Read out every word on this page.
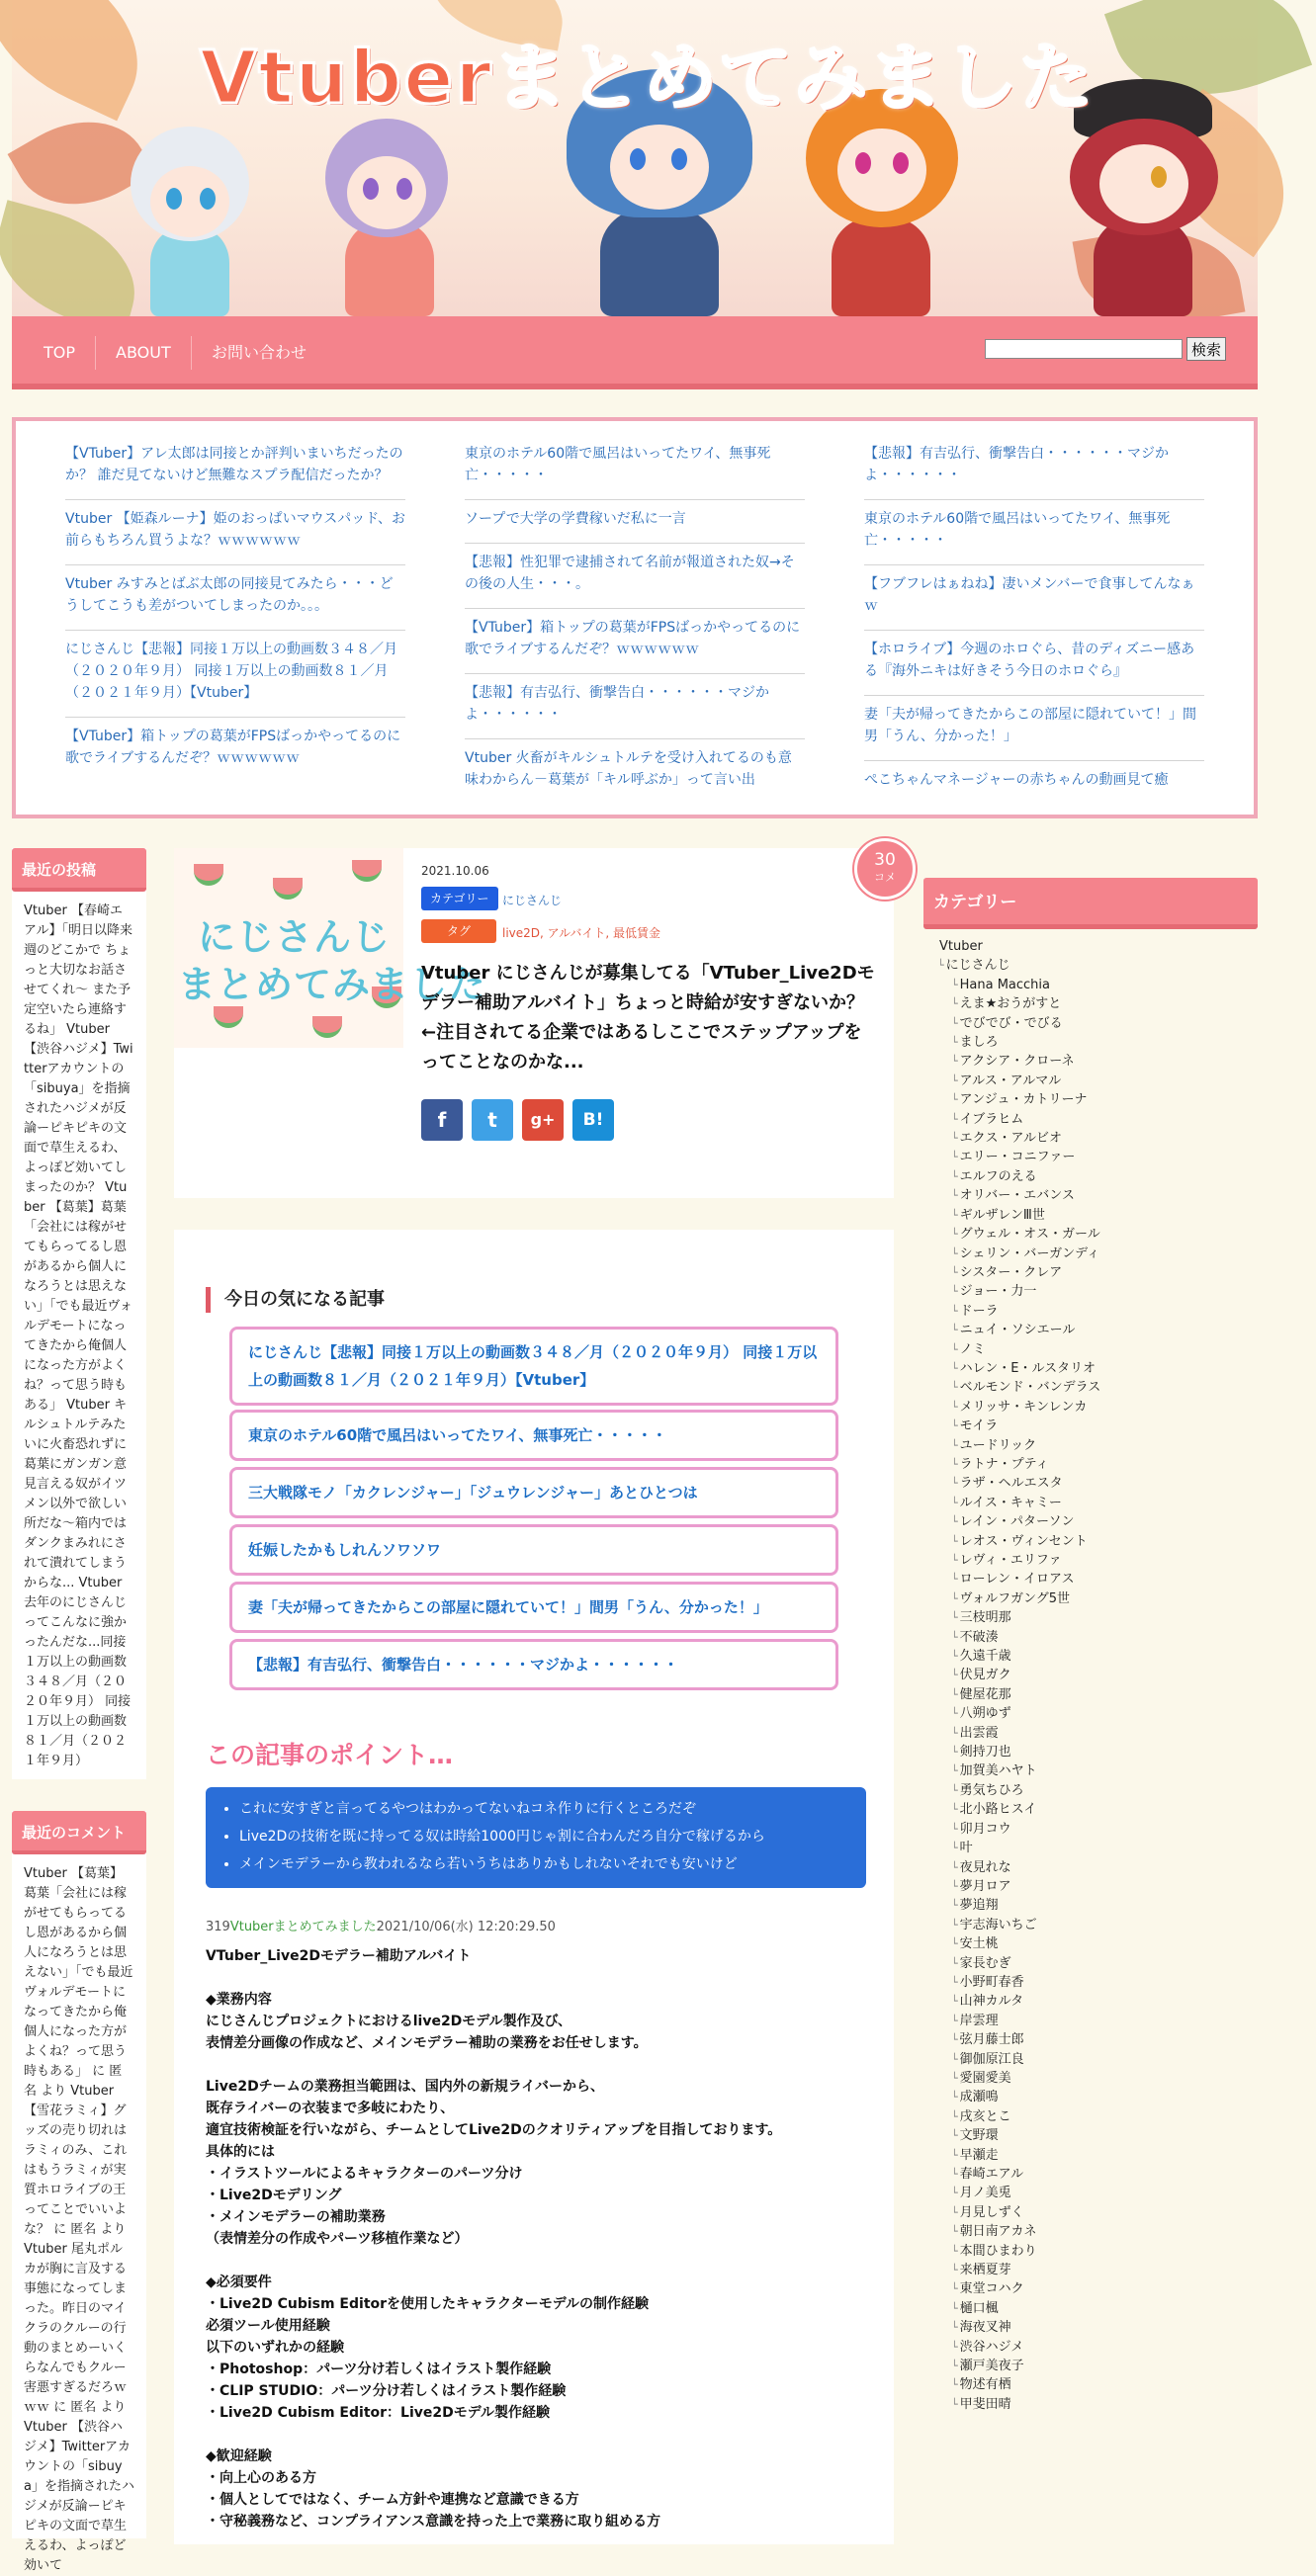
Vtuberまとめてみました
TOP	ABOUT	お問い合わせ	検索
【VTuber】アレ太郎は同接とか評判いまいちだったのか？ 誰だ見てないけど無難なスプラ配信だったか？
Vtuber 【姫森ルーナ】姫のおっぱいマウスパッド、お前らもちろん買うよな？ｗｗｗｗｗｗ
Vtuber みすみとばぶ太郎の同接見てみたら・・・どうしてこうも差がついてしまったのか。。。
にじさんじ【悲報】同接１万以上の動画数３４８／月（２０２０年９月） 同接１万以上の動画数８１／月（２０２１年９月）【Vtuber】
【VTuber】箱トップの葛葉がFPSばっかやってるのに歌でライブするんだぞ？ｗｗｗｗｗｗ
東京のホテル60階で風呂はいってたワイ、無事死亡・・・・・
ソープで大学の学費稼いだ私に一言
【悲報】性犯罪で逮捕されて名前が報道された奴→その後の人生・・・。
【VTuber】箱トップの葛葉がFPSばっかやってるのに歌でライブするんだぞ？ｗｗｗｗｗｗ
【悲報】有吉弘行、衝撃告白・・・・・・マジかよ・・・・・・
Vtuber 火畜がキルシュトルテを受け入れてるのも意味わからん－葛葉が「キル呼ぶか」って言い出
【悲報】有吉弘行、衝撃告白・・・・・・マジかよ・・・・・・
東京のホテル60階で風呂はいってたワイ、無事死亡・・・・・
【フブフレはぁねね】凄いメンバーで食事してんなぁｗ
【ホロライブ】今週のホロぐら、昔のディズニー感ある『海外ニキは好きそう今日のホロぐら』
妻「夫が帰ってきたからこの部屋に隠れていて！」間男「うん、分かった！」
ぺこちゃんマネージャーの赤ちゃんの動画見て癒
最近の投稿
Vtuber 【春崎エアル】「明日以降来週のどこかで ちょっと大切なお話させてくれ～ また予定空いたら連絡するね」 Vtuber 【渋谷ハジメ】Twitterアカウントの「sibuya」を指摘されたハジメが反論ーピキピキの文面で草生えるわ、よっぽど効いてしまったのか？ Vtuber 【葛葉】葛葉「会社には稼がせてもらってるし恩があるから個人になろうとは思えない」「でも最近ヴォルデモートになってきたから俺個人になった方がよくね？って思う時もある」 Vtuber キルシュトルテみたいに火畜恐れずに葛葉にガンガン意見言える奴がイツメン以外で欲しい所だな～箱内ではダンクまみれにされて潰れてしまうからな... Vtuber 去年のにじさんじってこんなに強かったんだな...同接１万以上の動画数３４８／月（２０２０年９月） 同接１万以上の動画数８１／月（２０２１年９月）
最近のコメント
Vtuber 【葛葉】葛葉「会社には稼がせてもらってるし恩があるから個人になろうとは思えない」「でも最近ヴォルデモートになってきたから俺個人になった方がよくね？って思う時もある」 に 匿名 より Vtuber 【雪花ラミィ】グッズの売り切れはラミィのみ、これはもうラミィが実質ホロライブの王ってことでいいよな？ に 匿名 より Vtuber 尾丸ポルカが胸に言及する事態になってしまった。昨日のマイクラのクルーの行動のまとめーいくらなんでもクルー害悪すぎるだろｗｗｗ に 匿名 より Vtuber 【渋谷ハジメ】Twitterアカウントの「sibuya」を指摘されたハジメが反論ーピキピキの文面で草生えるわ、よっぽど効いて
にじさんじ
まとめてみました
2021.10.06
カテゴリー	にじさんじ
タグ	live2D, アルバイト, 最低賃金
30
コメ
Vtuber にじさんじが募集してる「VTuber_Live2Dモデラー補助アルバイト」ちょっと時給が安すぎないか？←注目されてる企業ではあるしここでステップアップをってことなのかな...
f	t	g+	B!
今日の気になる記事
にじさんじ【悲報】同接１万以上の動画数３４８／月（２０２０年９月） 同接１万以上の動画数８１／月（２０２１年９月）【Vtuber】
東京のホテル60階で風呂はいってたワイ、無事死亡・・・・・
三大戦隊モノ「カクレンジャー」「ジュウレンジャー」あとひとつは
妊娠したかもしれんソワソワ
妻「夫が帰ってきたからこの部屋に隠れていて！」間男「うん、分かった！」
【悲報】有吉弘行、衝撃告白・・・・・・マジかよ・・・・・・
この記事のポイント…
• これに安すぎと言ってるやつはわかってないねコネ作りに行くところだぞ
• Live2Dの技術を既に持ってる奴は時給1000円じゃ割に合わんだろ自分で稼げるから
• メインモデラーから教われるなら若いうちはありかもしれないそれでも安いけど
319Vtuberまとめてみました2021/10/06(水) 12:20:29.50

VTuber_Live2Dモデラー補助アルバイト

◆業務内容

にじさんじプロジェクトにおけるlive2Dモデル製作及び、

表情差分画像の作成など、メインモデラー補助の業務をお任せします。

Live2Dチームの業務担当範囲は、国内外の新規ライバーから、

既存ライバーの衣装まで多岐にわたり、

適宜技術検証を行いながら、チームとしてLive2Dのクオリティアップを目指しております。

具体的には

・イラストツールによるキャラクターのパーツ分け

・Live2Dモデリング

・メインモデラーの補助業務

（表情差分の作成やパーツ移植作業など）

◆必須要件

・Live2D Cubism Editorを使用したキャラクターモデルの制作経験

必須ツール使用経験

以下のいずれかの経験

・Photoshop：パーツ分け若しくはイラスト製作経験

・CLIP STUDIO：パーツ分け若しくはイラスト製作経験

・Live2D Cubism Editor：Live2Dモデル製作経験

◆歓迎経験

・向上心のある方

・個人としてではなく、チーム方針や連携など意識できる方

・守秘義務など、コンプライアンス意識を持った上で業務に取り組める方

カテゴリー
Vtuber
└ にじさんじ
└ Hana Macchia
└ えま★おうがすと
└ でびでび・でびる
└ ましろ
└ アクシア・クローネ
└ アルス・アルマル
└ アンジュ・カトリーナ
└ イブラヒム
└ エクス・アルビオ
└ エリー・コニファー
└ エルフのえる
└ オリバー・エバンス
└ ギルザレンⅢ世
└ グウェル・オス・ガール
└ シェリン・バーガンディ
└ シスター・クレア
└ ジョー・力一
└ ドーラ
└ ニュイ・ソシエール
└ ノミ
└ ハレン・E・ルスタリオ
└ ベルモンド・バンデラス
└ メリッサ・キンレンカ
└ モイラ
└ ユードリック
└ ラトナ・プティ
└ ラザ・ヘルエスタ
└ ルイス・キャミー
└ レイン・パターソン
└ レオス・ヴィンセント
└ レヴィ・エリファ
└ ローレン・イロアス
└ ヴォルフガング5世
└ 三枝明那
└ 不破湊
└ 久遠千歳
└ 伏見ガク
└ 健屋花那
└ 八朔ゆず
└ 出雲霞
└ 剣持刀也
└ 加賀美ハヤト
└ 勇気ちひろ
└ 北小路ヒスイ
└ 卯月コウ
└ 叶
└ 夜見れな
└ 夢月ロア
└ 夢追翔
└ 宇志海いちご
└ 安土桃
└ 家長むぎ
└ 小野町春香
└ 山神カルタ
└ 岸雲理
└ 弦月藤士郎
└ 御伽原江良
└ 愛園愛美
└ 成瀬鳴
└ 戌亥とこ
└ 文野環
└ 早瀬走
└ 春崎エアル
└ 月ノ美兎
└ 月見しずく
└ 朝日南アカネ
└ 本間ひまわり
└ 来栖夏芽
└ 東堂コハク
└ 樋口楓
└ 海夜叉神
└ 渋谷ハジメ
└ 瀬戸美夜子
└ 物述有栖
└ 甲斐田晴
